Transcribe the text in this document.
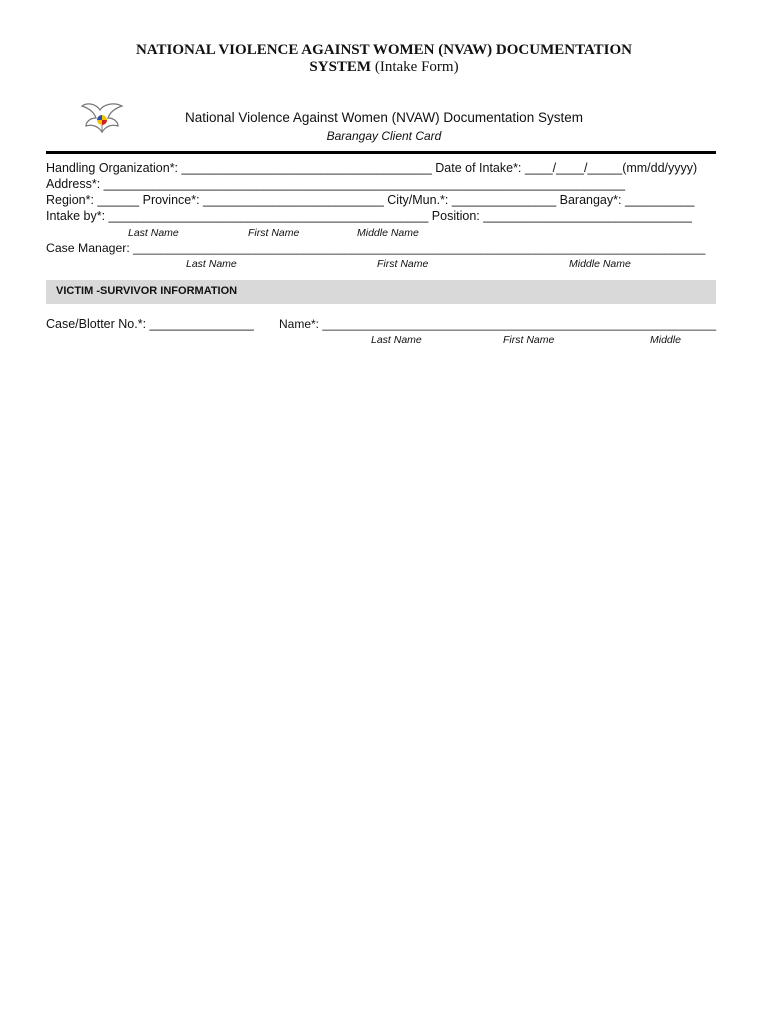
NATIONAL VIOLENCE AGAINST WOMEN (NVAW) DOCUMENTATION
SYSTEM (Intake Form)
National Violence Against Women (NVAW) Documentation System
Barangay Client Card
Handling Organization*: ____________________________________ Date of Intake*: ____/____/_____(mm/dd/yyyy)
Address*: ___________________________________________________________________________
Region*: ______ Province*: __________________________ City/Mun.*: _______________ Barangay*: __________
Intake by*: ______________________________________________ Position: ______________________________
Last Name	First Name	Middle Name
Case Manager: ____________________________________________________________________________________
Last Name	First Name	Middle Name
VICTIM -SURVIVOR INFORMATION
Case/Blotter No.*: _______________ Name*: ___________________________________________________________
Last Name	First Name	Middle
